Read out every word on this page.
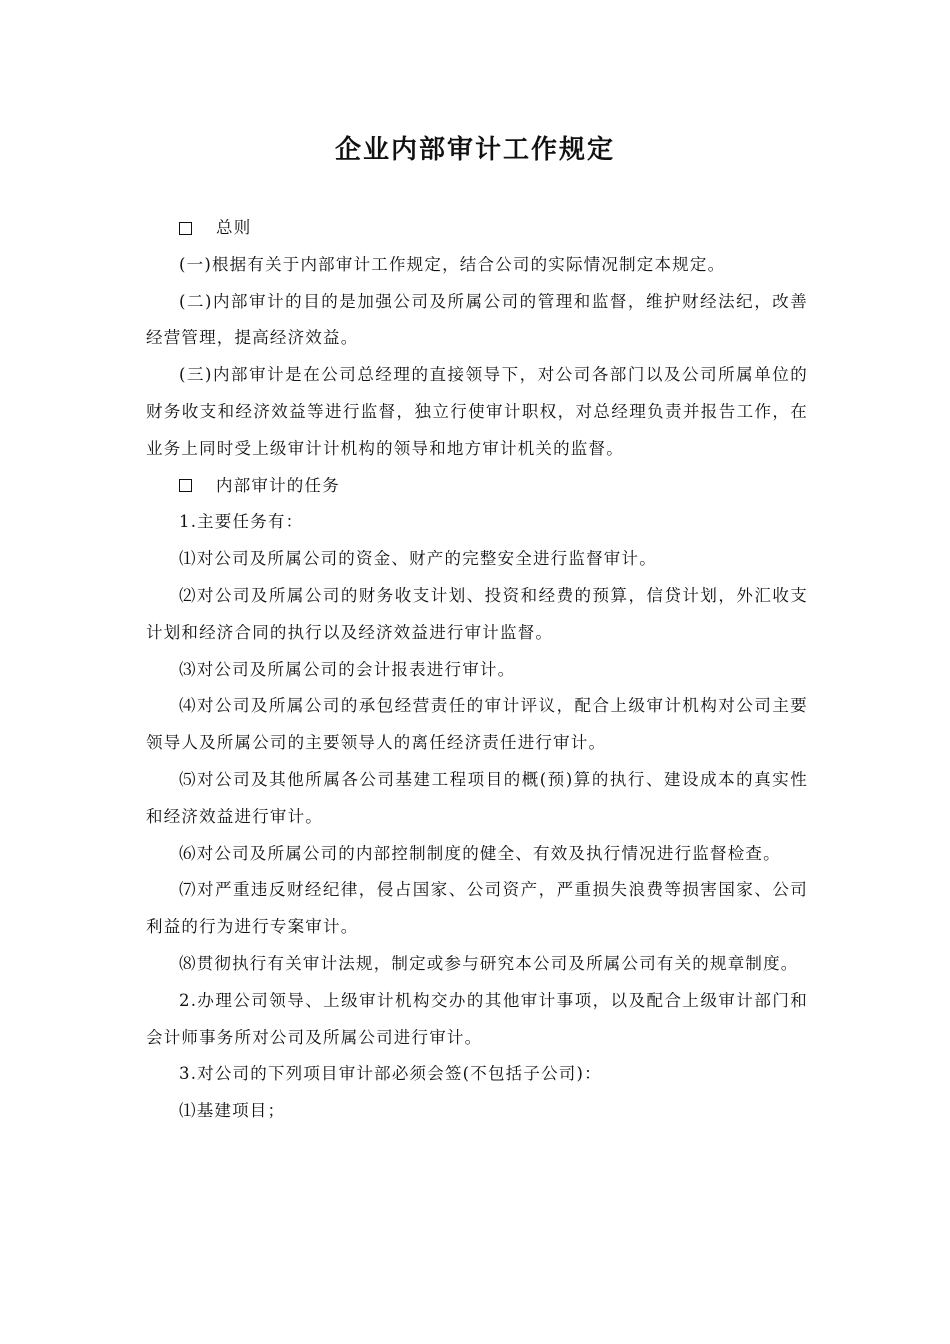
企业内部审计工作规定

总则

(一)根据有关于内部审计工作规定，结合公司的实际情况制定本规定。

(二)内部审计的目的是加强公司及所属公司的管理和监督，维护财经法纪，改善经营管理，提高经济效益。

(三)内部审计是在公司总经理的直接领导下，对公司各部门以及公司所属单位的财务收支和经济效益等进行监督，独立行使审计职权，对总经理负责并报告工作，在业务上同时受上级审计计机构的领导和地方审计机关的监督。

内部审计的任务

1.主要任务有：

⑴对公司及所属公司的资金、财产的完整安全进行监督审计。

⑵对公司及所属公司的财务收支计划、投资和经费的预算，信贷计划，外汇收支计划和经济合同的执行以及经济效益进行审计监督。

⑶对公司及所属公司的会计报表进行审计。

⑷对公司及所属公司的承包经营责任的审计评议，配合上级审计机构对公司主要领导人及所属公司的主要领导人的离任经济责任进行审计。

⑸对公司及其他所属各公司基建工程项目的概(预)算的执行、建设成本的真实性和经济效益进行审计。

⑹对公司及所属公司的内部控制制度的健全、有效及执行情况进行监督检查。

⑺对严重违反财经纪律，侵占国家、公司资产，严重损失浪费等损害国家、公司利益的行为进行专案审计。

⑻贯彻执行有关审计法规，制定或参与研究本公司及所属公司有关的规章制度。

2.办理公司领导、上级审计机构交办的其他审计事项，以及配合上级审计部门和会计师事务所对公司及所属公司进行审计。

3.对公司的下列项目审计部必须会签(不包括子公司)：

⑴基建项目；
